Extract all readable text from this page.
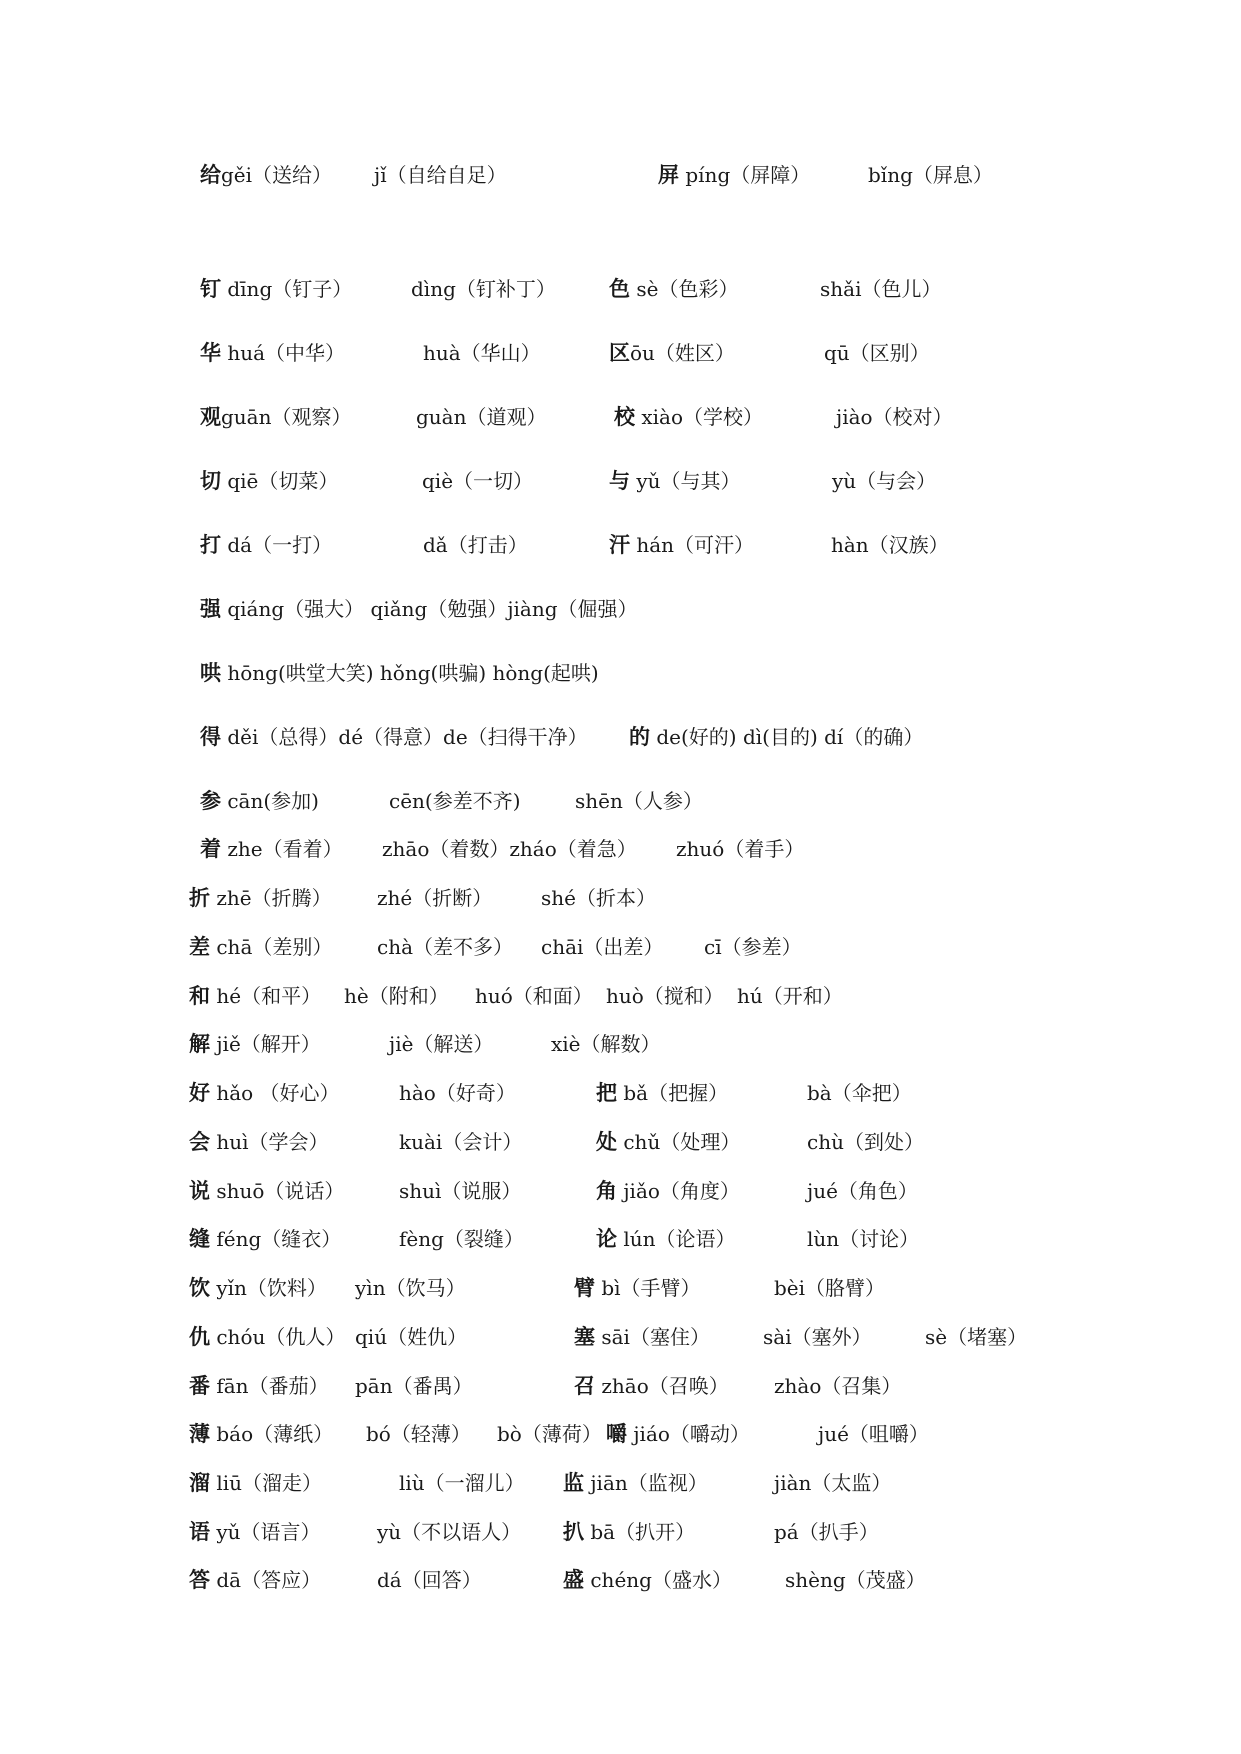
给gěi（送给） jǐ（自给自足）	屏 píng（屏障）	bǐng（屏息）
钉 dīng（钉子）	dìng（钉补丁）	色 sè（色彩）	shǎi（色儿）
华 huá（中华）	huà（华山）	区ōu（姓区）	qū（区别）
观guān（观察）	guàn（道观）	校 xiào（学校）	jiào（校对）
切 qiē（切菜）	qiè（一切）	与 yǔ（与其）	yù（与会）
打 dá（一打）	dǎ（打击）	汗 hán（可汗）	hàn（汉族）
强 qiáng（强大） qiǎng（勉强）jiàng（倔强）
哄 hōng(哄堂大笑) hǒng(哄骗) hòng(起哄)
得 děi（总得）dé（得意）de（扫得干净） 的 de(好的) dì(目的) dí（的确）
参 cān(参加)	cēn(参差不齐)	shēn（人参）
着 zhe（看着） zhāo（着数）zháo（着急） zhuó（着手）
折 zhē（折腾） zhé（折断） shé（折本）
差 chā（差别） chà（差不多） chāi（出差） cī（参差）
和 hé（和平） hè（附和） huó（和面） huò（搅和） hú（开和）
解 jiě（解开）	jiè（解送）	xiè（解数）
好 hǎo （好心）	hào（好奇）	把 bǎ（把握）	bà（伞把）
会 huì（学会）	kuài（会计）	处 chǔ（处理）	chù（到处）
说 shuō（说话）	shuì（说服）	角 jiǎo（角度）	jué（角色）
缝 féng（缝衣）	fèng（裂缝）	论 lún（论语）	lùn（讨论）
饮 yǐn（饮料） yìn（饮马）	臂 bì（手臂）	bèi（胳臂）
仇 chóu（仇人） qiú（姓仇）	塞 sāi（塞住）	sài（塞外）	sè（堵塞）
番 fān（番茄） pān（番禺）	召 zhāo（召唤） zhào（召集）
薄 báo（薄纸） bó（轻薄） bò（薄荷） 嚼 jiáo（嚼动）	jué（咀嚼）
溜 liū（溜走）	liù（一溜儿） 监 jiān（监视）	jiàn（太监）
语 yǔ（语言）	yù（不以语人） 扒 bā（扒开）	pá（扒手）
答 dā（答应）	dá（回答）	盛 chéng（盛水）	shèng（茂盛）
